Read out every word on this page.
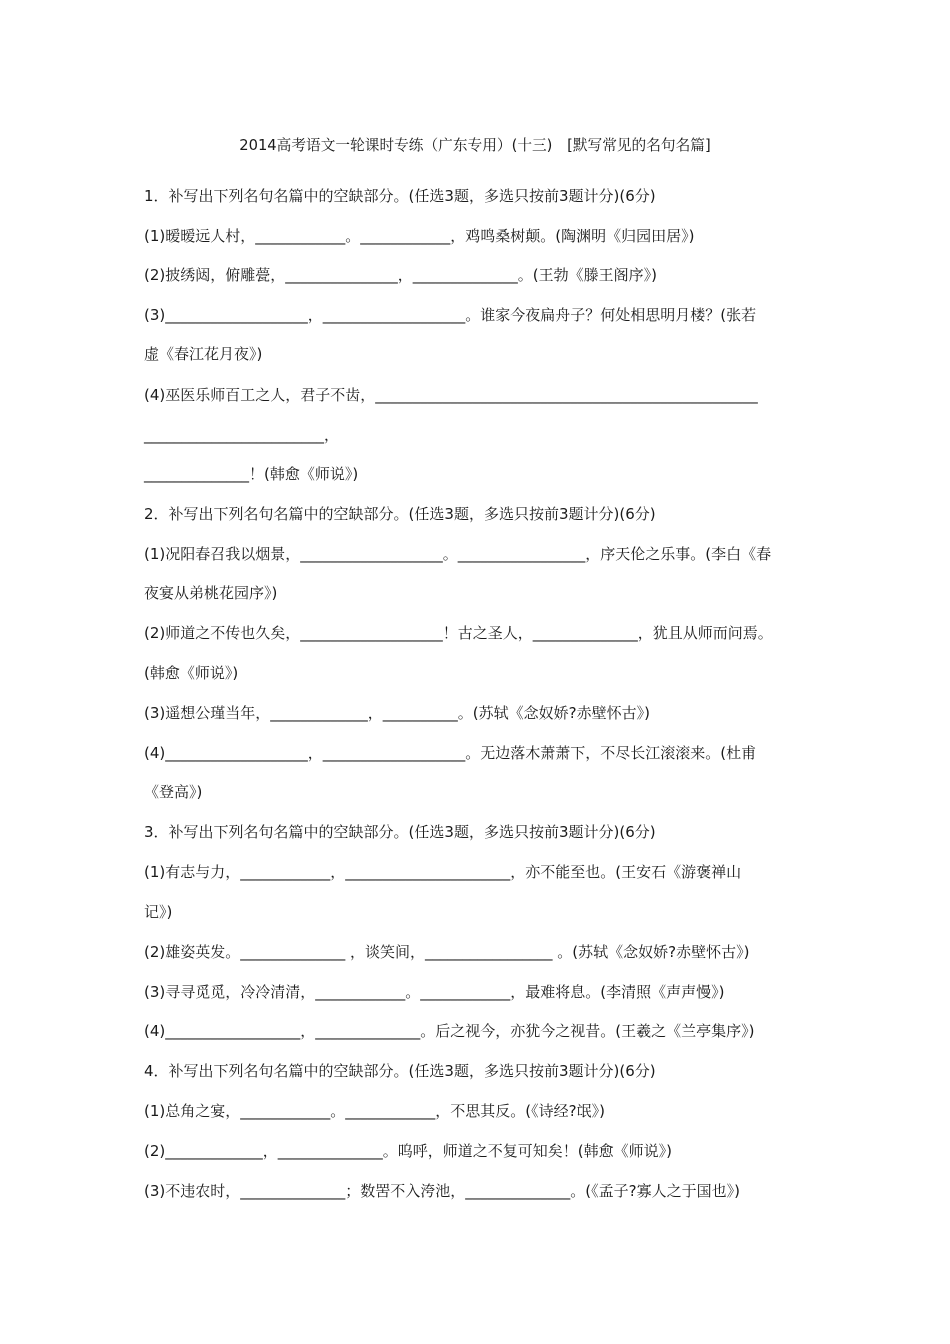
2014高考语文一轮课时专练（广东专用）(十三)　[默写常见的名句名篇]
1．补写出下列名句名篇中的空缺部分。(任选3题，多选只按前3题计分)(6分)
(1)暧暧远人村，____________。____________，鸡鸣桑树颠。(陶渊明《归园田居》)
(2)披绣闼，俯雕甍，_______________，______________。(王勃《滕王阁序》)
(3)___________________，___________________。谁家今夜扁舟子？何处相思明月楼？(张若
虚《春江花月夜》)
(4)巫医乐师百工之人，君子不齿，___________________________________________________
________________________，
______________！(韩愈《师说》)
2．补写出下列名句名篇中的空缺部分。(任选3题，多选只按前3题计分)(6分)
(1)况阳春召我以烟景，___________________。_________________，序天伦之乐事。(李白《春
夜宴从弟桃花园序》)
(2)师道之不传也久矣，___________________！古之圣人，______________，犹且从师而问焉。
(韩愈《师说》)
(3)遥想公瑾当年，_____________，__________。(苏轼《念奴娇?赤壁怀古》)
(4)___________________，___________________。无边落木萧萧下，不尽长江滚滚来。(杜甫
《登高》)
3．补写出下列名句名篇中的空缺部分。(任选3题，多选只按前3题计分)(6分)
(1)有志与力，____________，______________________，亦不能至也。(王安石《游褒禅山
记》)
(2)雄姿英发。______________ ，谈笑间，_________________ 。(苏轼《念奴娇?赤壁怀古》)
(3)寻寻觅觅，冷冷清清，____________。____________，最难将息。(李清照《声声慢》)
(4)__________________，______________。后之视今，亦犹今之视昔。(王羲之《兰亭集序》)
4．补写出下列名句名篇中的空缺部分。(任选3题，多选只按前3题计分)(6分)
(1)总角之宴，____________。____________，不思其反。(《诗经?氓》)
(2)_____________，______________。呜呼，师道之不复可知矣！(韩愈《师说》)
(3)不违农时，______________；数罟不入洿池，______________。(《孟子?寡人之于国也》)
